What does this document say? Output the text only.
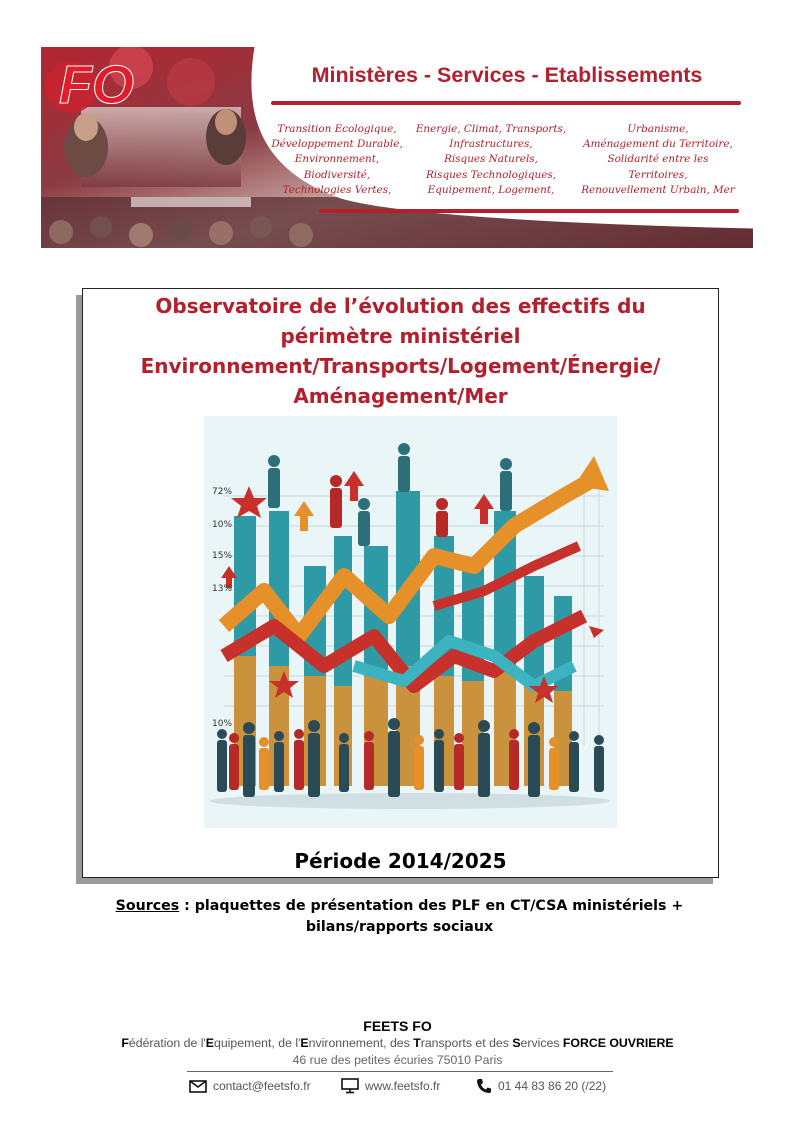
FO	Ministères - Services - Etablissements
Transition Ecologique,
Développement Durable,
Environnement,
Biodiversité,
Technologies Vertes,
Energie, Climat, Transports,
Infrastructures,
Risques Naturels,
Risques Technologiques,
Equipement, Logement,
Urbanisme,
Aménagement du Territoire,
Solidarité entre les
Territoires,
Renouvellement Urbain, Mer
Observatoire de l’évolution des effectifs du
périmètre ministériel
Environnement/Transports/Logement/Énergie/
Aménagement/Mer
72%
10%
15%
13%
10%
Période 2014/2025
Sources : plaquettes de présentation des PLF en CT/CSA ministériels +
bilans/rapports sociaux
FEETS FO
Fédération de l'Equipement, de l'Environnement, des Transports et des Services FORCE OUVRIERE
46 rue des petites écuries 75010 Paris
contact@feetsfo.fr	www.feetsfo.fr	01 44 83 86 20 (/22)
